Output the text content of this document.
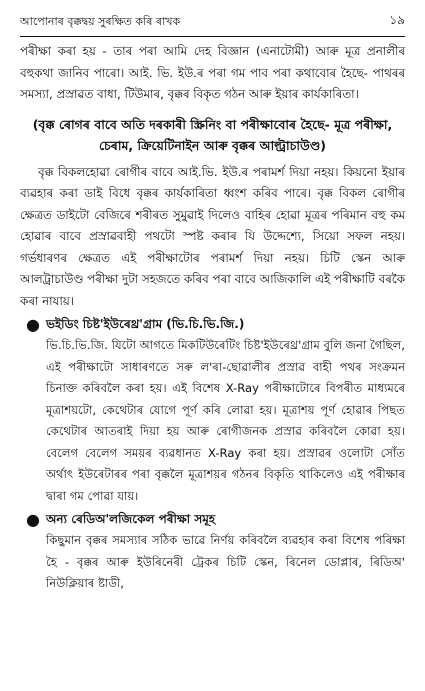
আপোনাৰ বৃক্কদ্বয় সুৰক্ষিত কৰি ৰাখক	১৯

পৰীক্ষা কৰা হয় - তাৰ পৰা আমি দেহ বিজ্ঞান (এনাটোমী) আৰু মূত্ৰ প্ৰনালীৰ বহুকথা জানিব পাৰো। আই. ভি. ইউ.ৰ পৰা গম পাব পৰা কথাবোৰ হৈছে- পাথৰৰ সমস্যা, প্ৰস্ৰাৱত বাধা, টিউমাৰ, বৃক্কৰ বিকৃত গঠন আৰু ইয়াৰ কাৰ্যকাৰিতা।

(বৃক্ক ৰোগৰ বাবে অতি দৰকাৰী স্ক্ৰিনিং বা পৰীক্ষাবোৰ হৈছে- মূত্ৰ পৰীক্ষা, চেৰাম, ক্ৰিয়েটিনাইন আৰু বৃক্কৰ আল্ট্ৰাচাউণ্ড)

বৃক্ক বিকলহোৱা ৰোগীৰ বাবে আই.ভি. ইউ.ৰ পৰামৰ্শ দিয়া নহয়। কিয়নো ইয়াৰ ব্যৱহাৰ কৰা ডাই বিধে বৃক্কৰ কাৰ্যকাৰিতা ধ্বংশ কৰিব পাৰে। বৃক্ক বিকল ৰোগীৰ ক্ষেত্ৰত ডাইটো বেজিৰে শৰীৰত সুমুৱাই দিলেও বাহিৰ হোৱা মূত্ৰৰ পৰিমান বহু কম হোৱাৰ বাবে প্ৰস্ৰাৱবাহী পথটো স্পষ্ট কৰাৰ যি উদ্দেশ্যে, সিয়ো সফল নহয়। গৰ্ভধাৰণৰ ক্ষেত্ৰত এই পৰীক্ষাটোৰ পৰামৰ্শ দিয়া নহয়। চিটি স্কেন আৰু আলট্ৰাচাউণ্ড পৰীক্ষা দুটা সহজতে কৰিব পৰা বাবে আজিকালি এই পৰীক্ষাটি বৰকৈ কৰা নাযায়।

● ভইডিং চিষ্ট'ইউৰেথ্ৰ'গ্ৰাম (ভি.চি.ভি.জি.)

ভি.চি.ভি.জি. যিটো আগতে মিকটিউৰেটিং চিষ্ট'ইউৰেথ্ৰ'গ্ৰাম বুলি জনা গৈছিল, এই পৰীক্ষাটো সাধাৰণতে সৰু ল'ৰা-ছোৱালীৰ প্ৰস্ৰাৱ বাহী পথৰ সংক্ৰমন চিনাক্ত কৰিবলৈ কৰা হয়। এই বিশেষ X-Ray পৰীক্ষাটোৰে বিপৰীত মাধ্যমৰে মূত্ৰাশয়টো, কেথেটাৰ যোগে পূৰ্ণ কৰি লোৱা হয়। মূত্ৰাশয় পূৰ্ণ হোৱাৰ পিছত কেথেটাৰ আতৰাই দিয়া হয় আৰু ৰোগীজনক প্ৰস্ৰাৱ কৰিবলৈ কোৱা হয়। বেলেগ বেলেগ সময়ৰ ব্যৱধানত X-Ray কৰা হয়। প্ৰস্ৰাৱৰ ওলোটা সোঁত অৰ্থাৎ ইউৰেটাৰৰ পৰা বৃক্কলৈ মূত্ৰাশয়ৰ গঠনৰ বিকৃতি থাকিলেও এই পৰীক্ষাৰ দ্বাৰা গম পোৱা যায়।

● অন্য ৰেডিঅ'লজিকেল পৰীক্ষা সমূহ

কিছুমান বৃক্কৰ সমস্যাৰ সঠিক ভাৱে নিৰ্ণয় কৰিবলৈ ব্যৱহাৰ কৰা বিশেষ পৰিক্ষা হৈ - বৃক্কৰ আৰু ইউৰিনেৰী ট্ৰেকৰ চিটি স্কেন, ৰিনেল ডোপ্লাৰ, ৰিডিঅ' নিউক্লিয়াৰ ষ্টাডী,
